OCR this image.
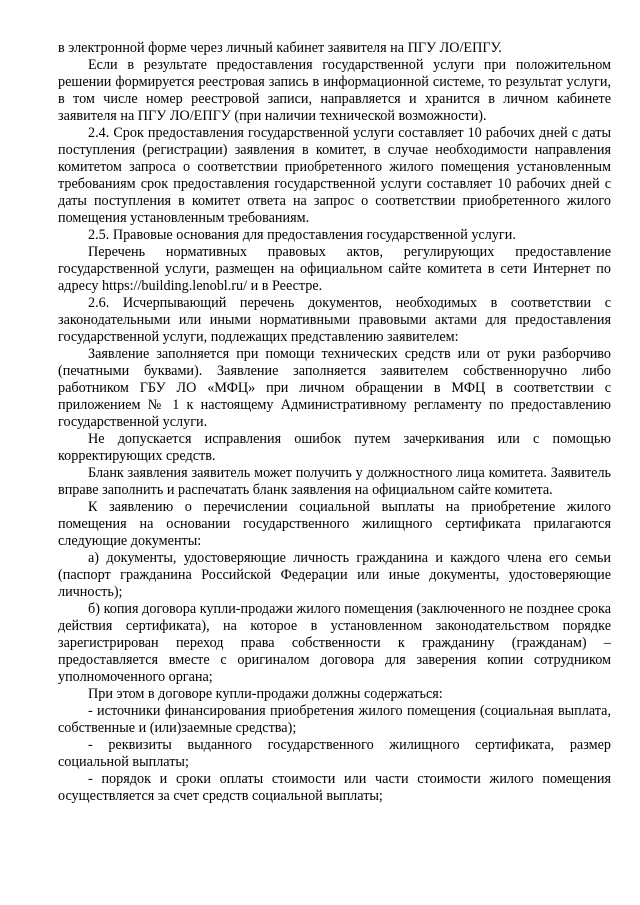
в электронной форме через личный кабинет заявителя на ПГУ ЛО/ЕПГУ.

Если в результате предоставления государственной услуги при положительном решении формируется реестровая запись в информационной системе, то результат услуги, в том числе номер реестровой записи, направляется и хранится в личном кабинете заявителя на ПГУ ЛО/ЕПГУ (при наличии технической возможности).

2.4. Срок предоставления государственной услуги составляет 10 рабочих дней с даты поступления (регистрации) заявления в комитет, в случае необходимости направления комитетом запроса о соответствии приобретенного жилого помещения установленным требованиям срок предоставления государственной услуги составляет 10 рабочих дней с даты поступления в комитет ответа на запрос о соответствии приобретенного жилого помещения установленным требованиям.

2.5. Правовые основания для предоставления государственной услуги.

Перечень нормативных правовых актов, регулирующих предоставление государственной услуги, размещен на официальном сайте комитета в сети Интернет по адресу https://building.lenobl.ru/ и в Реестре.

2.6. Исчерпывающий перечень документов, необходимых в соответствии с законодательными или иными нормативными правовыми актами для предоставления государственной услуги, подлежащих представлению заявителем:

Заявление заполняется при помощи технических средств или от руки разборчиво (печатными буквами). Заявление заполняется заявителем собственноручно либо работником ГБУ ЛО «МФЦ» при личном обращении в МФЦ в соответствии с приложением № 1 к настоящему Административному регламенту по предоставлению государственной услуги.

Не допускается исправления ошибок путем зачеркивания или с помощью корректирующих средств.

Бланк заявления заявитель может получить у должностного лица комитета. Заявитель вправе заполнить и распечатать бланк заявления на официальном сайте комитета.

К заявлению о перечислении социальной выплаты на приобретение жилого помещения на основании государственного жилищного сертификата прилагаются следующие документы:

а) документы, удостоверяющие личность гражданина и каждого члена его семьи (паспорт гражданина Российской Федерации или иные документы, удостоверяющие личность);

б) копия договора купли-продажи жилого помещения (заключенного не позднее срока действия сертификата), на которое в установленном законодательством порядке зарегистрирован переход права собственности к гражданину (гражданам) – предоставляется вместе с оригиналом договора для заверения копии сотрудником уполномоченного органа;

При этом в договоре купли-продажи должны содержаться:

- источники финансирования приобретения жилого помещения (социальная выплата, собственные и (или)заемные средства);

- реквизиты выданного государственного жилищного сертификата, размер социальной выплаты;

- порядок и сроки оплаты стоимости или части стоимости жилого помещения осуществляется за счет средств социальной выплаты;
